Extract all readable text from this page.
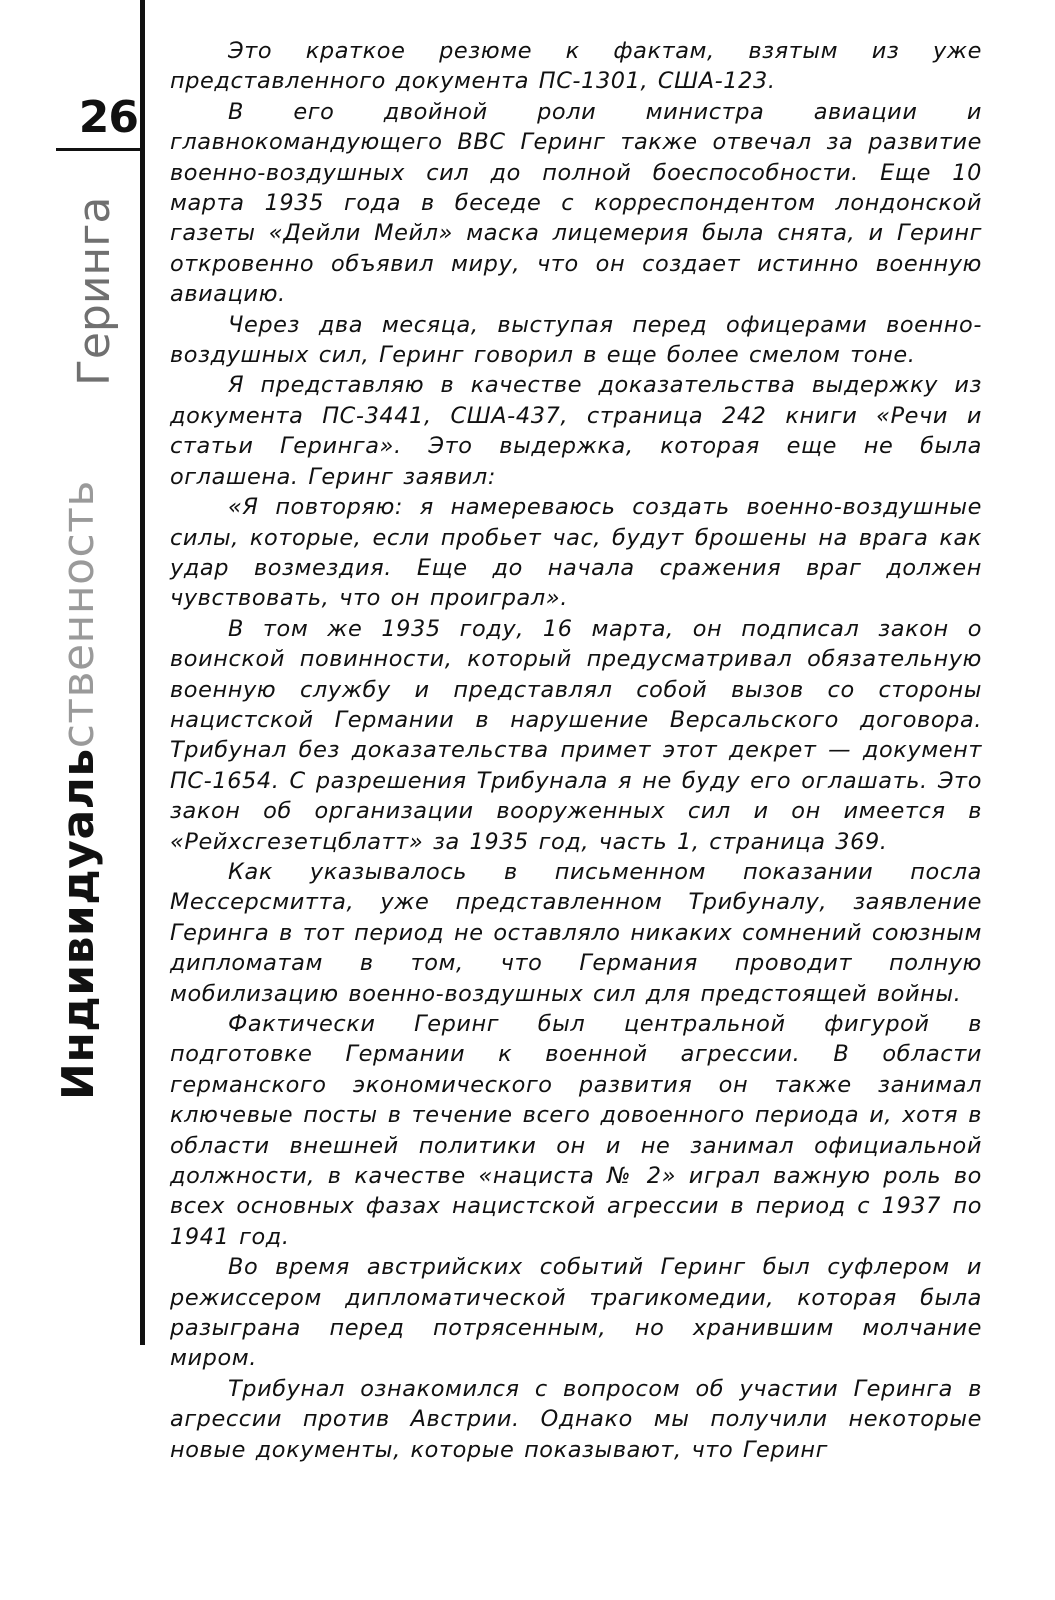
26
Индивидуальственность
Геринга

Это краткое резюме к фактам, взятым из уже представленного документа ПС-1301, США-123.

В его двойной роли министра авиации и главнокомандующего ВВС Геринг также отвечал за развитие военно-воздушных сил до полной боеспособности. Еще 10 марта 1935 года в беседе с корреспондентом лондонской газеты «Дейли Мейл» маска лицемерия была снята, и Геринг откровенно объявил миру, что он создает истинно военную авиацию.

Через два месяца, выступая перед офицерами военно-воздушных сил, Геринг говорил в еще более смелом тоне.

Я представляю в качестве доказательства выдержку из документа ПС-3441, США-437, страница 242 книги «Речи и статьи Геринга». Это выдержка, которая еще не была оглашена. Геринг заявил:

«Я повторяю: я намереваюсь создать военно-воздушные силы, которые, если пробьет час, будут брошены на врага как удар возмездия. Еще до начала сражения враг должен чувствовать, что он проиграл».

В том же 1935 году, 16 марта, он подписал закон о воинской повинности, который предусматривал обязательную военную службу и представлял собой вызов со стороны нацистской Германии в нарушение Версальского договора. Трибунал без доказательства примет этот декрет — документ ПС-1654. С разрешения Трибунала я не буду его оглашать. Это закон об организации вооруженных сил и он имеется в «Рейхсгезетцблатт» за 1935 год, часть 1, страница 369.

Как указывалось в письменном показании посла Мессерсмитта, уже представленном Трибуналу, заявление Геринга в тот период не оставляло никаких сомнений союзным дипломатам в том, что Германия проводит полную мобилизацию военно-воздушных сил для предстоящей войны.

Фактически Геринг был центральной фигурой в подготовке Германии к военной агрессии. В области германского экономического развития он также занимал ключевые посты в течение всего довоенного периода и, хотя в области внешней политики он и не занимал официальной должности, в качестве «нациста № 2» играл важную роль во всех основных фазах нацистской агрессии в период с 1937 по 1941 год.

Во время австрийских событий Геринг был суфлером и режиссером дипломатической трагикомедии, которая была разыграна перед потрясенным, но хранившим молчание миром.

Трибунал ознакомился с вопросом об участии Геринга в агрессии против Австрии. Однако мы получили некоторые новые документы, которые показывают, что Геринг
